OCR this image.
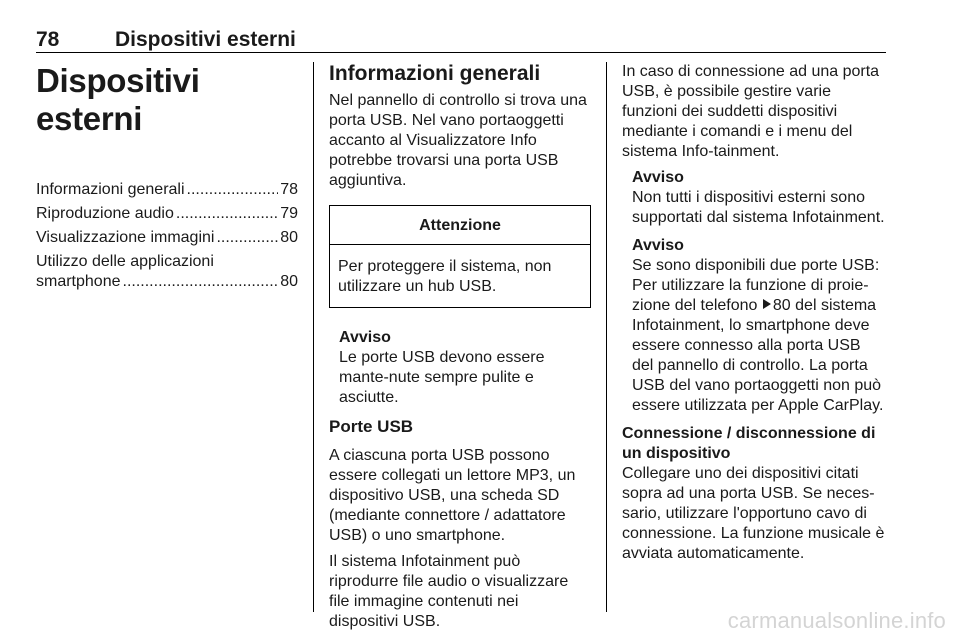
78	Dispositivi esterni
Dispositivi esterni
Informazioni generali .....	78
Riproduzione audio .....	79
Visualizzazione immagini .....	80
Utilizzo delle applicazioni
smartphone .....	80
Informazioni generali

Nel pannello di controllo si trova una porta USB. Nel vano portaoggetti accanto al Visualizzatore Info potrebbe trovarsi una porta USB aggiuntiva.

Attenzione
Per proteggere il sistema, non utilizzare un hub USB.
Avviso
Le porte USB devono essere mante-nute sempre pulite e asciutte.
Porte USB

A ciascuna porta USB possono essere collegati un lettore MP3, un dispositivo USB, una scheda SD (mediante connettore / adattatore USB) o uno smartphone.

Il sistema Infotainment può riprodurre file audio o visualizzare file immagine contenuti nei dispositivi USB.

In caso di connessione ad una porta USB, è possibile gestire varie funzioni dei suddetti dispositivi mediante i comandi e i menu del sistema Info-tainment.

Avviso
Non tutti i dispositivi esterni sono supportati dal sistema Infotainment.
Avviso
Se sono disponibili due porte USB: Per utilizzare la funzione di proie-zione del telefono 80 del sistema Infotainment, lo smartphone deve essere connesso alla porta USB del pannello di controllo. La porta USB del vano portaoggetti non può essere utilizzata per Apple CarPlay.
Connessione / disconnessione di un dispositivo

Collegare uno dei dispositivi citati sopra ad una porta USB. Se neces-sario, utilizzare l'opportuno cavo di connessione. La funzione musicale è avviata automaticamente.

carmanualsonline.info
